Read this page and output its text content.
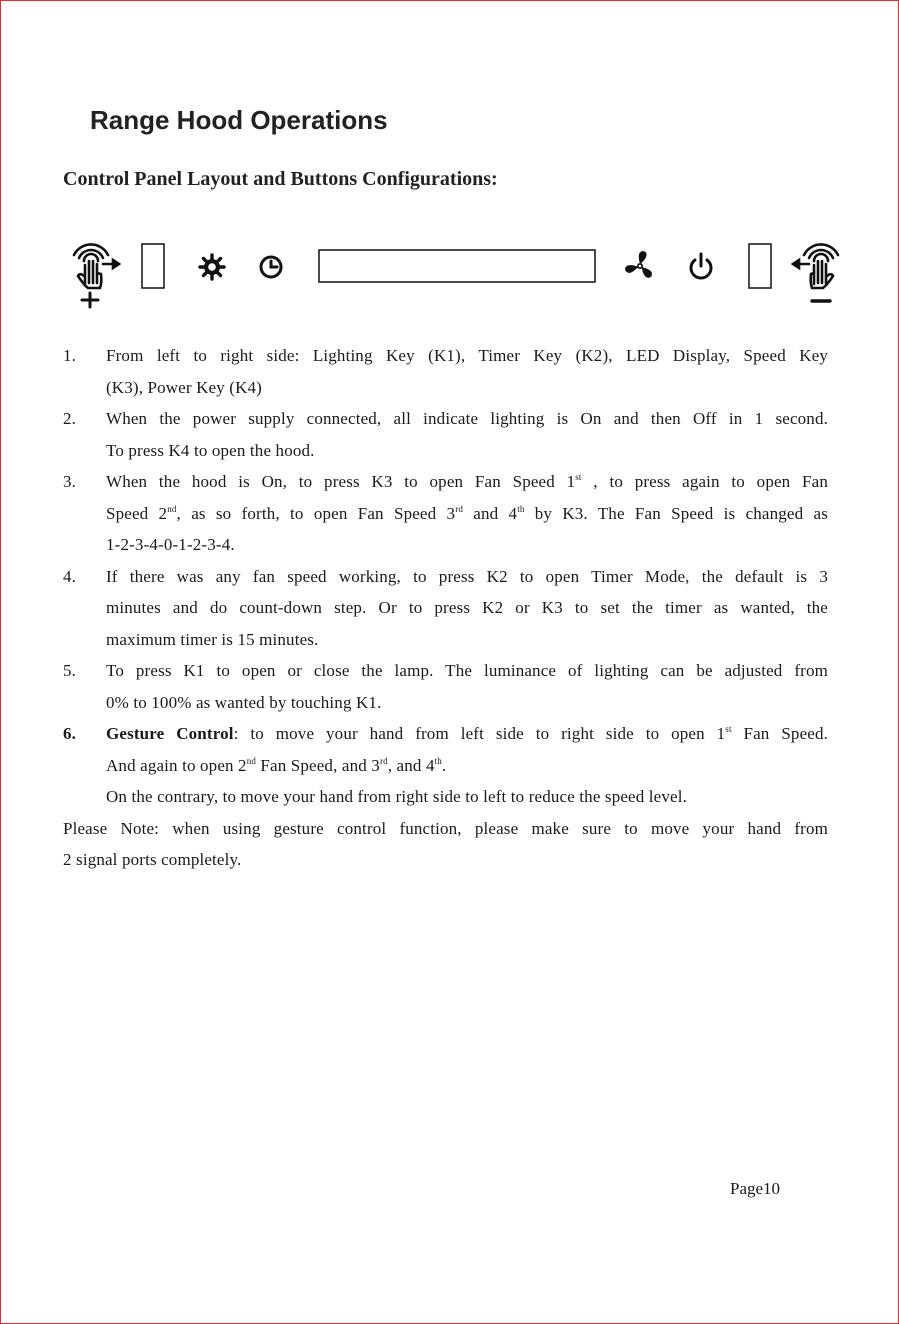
Range Hood Operations
Control Panel Layout and Buttons Configurations:
1.	From left to right side: Lighting Key (K1), Timer Key (K2), LED Display, Speed Key
(K3), Power Key (K4)
2.	When the power supply connected, all indicate lighting is On and then Off in 1 second.
To press K4 to open the hood.
3.	When the hood is On, to press K3 to open Fan Speed 1st , to press again to open Fan
Speed 2nd, as so forth, to open Fan Speed 3rd and 4th by K3. The Fan Speed is changed as
1-2-3-4-0-1-2-3-4.
4.	If there was any fan speed working, to press K2 to open Timer Mode, the default is 3
minutes and do count-down step. Or to press K2 or K3 to set the timer as wanted, the
maximum timer is 15 minutes.
5.	To press K1 to open or close the lamp. The luminance of lighting can be adjusted from
0% to 100% as wanted by touching K1.
6.	Gesture Control: to move your hand from left side to right side to open 1st Fan Speed.
And again to open 2nd Fan Speed, and 3rd, and 4th.
On the contrary, to move your hand from right side to left to reduce the speed level.
Please Note: when using gesture control function, please make sure to move your hand from
2 signal ports completely.
Page10
